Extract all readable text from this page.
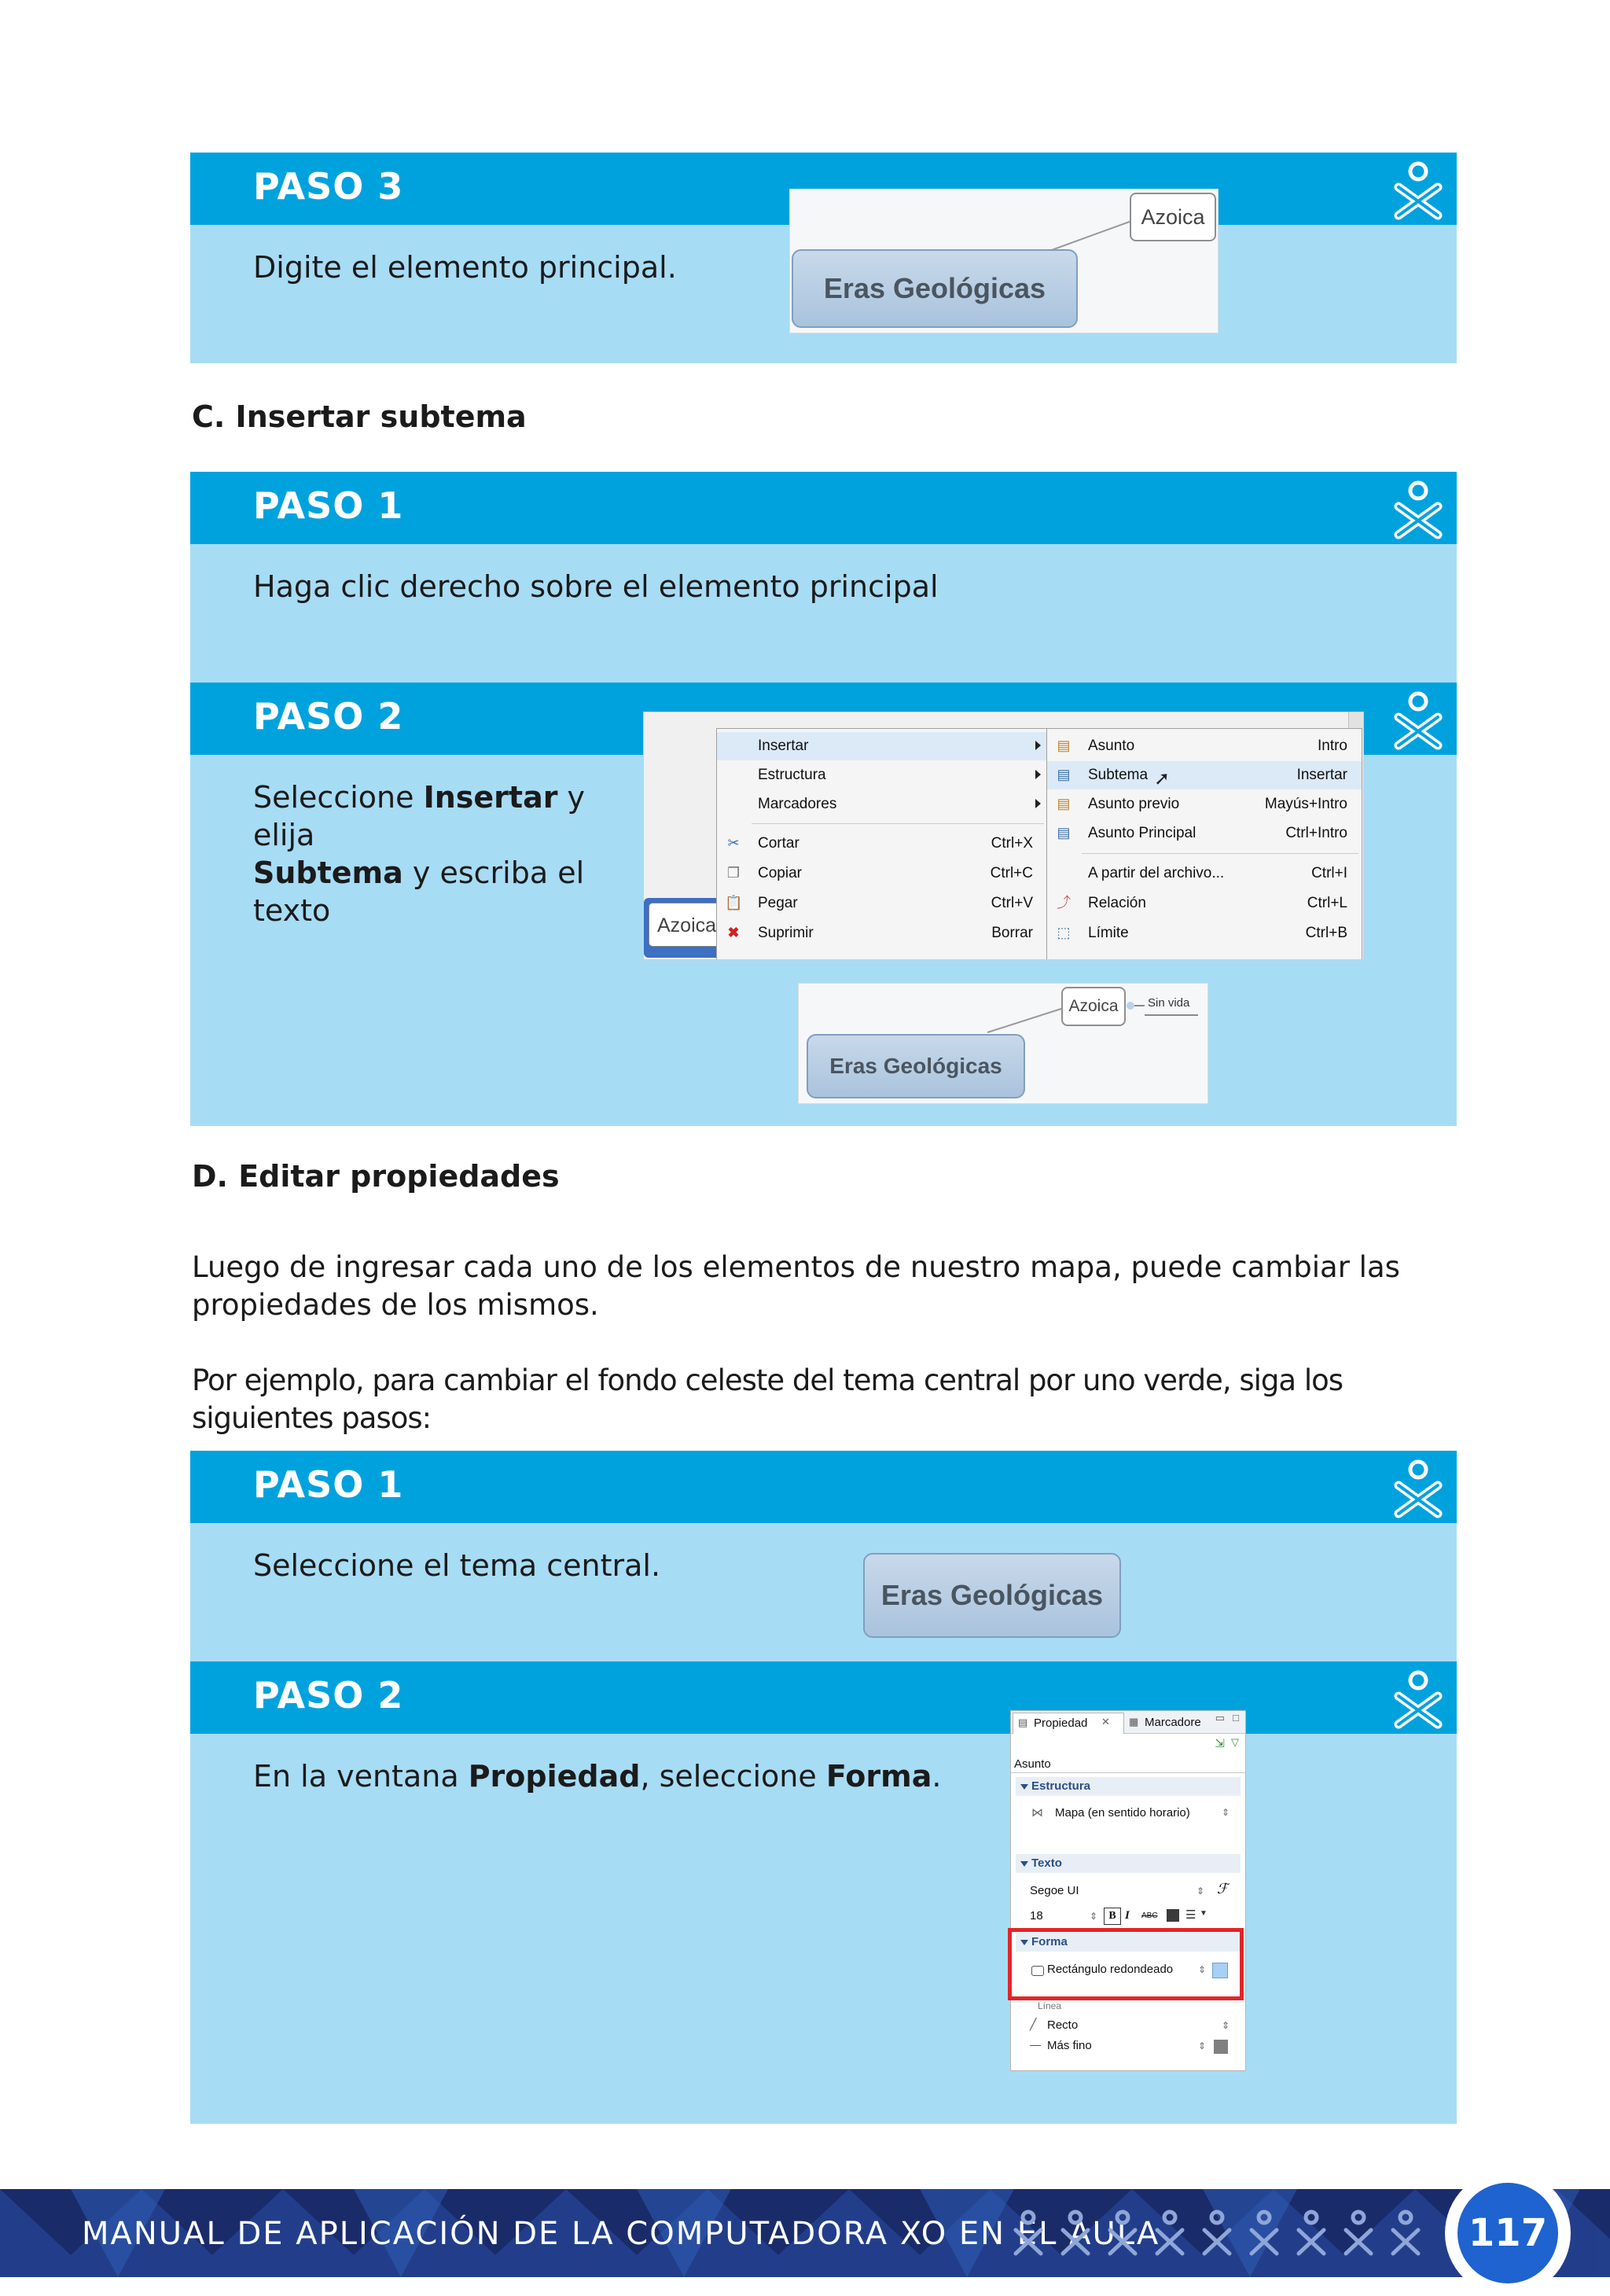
PASO 3
Digite el elemento principal.
Azoica
Eras Geológicas
C. Insertar subtema
PASO 1
Haga clic derecho sobre el elemento principal
PASO 2
Seleccione Insertar y elija
Subtema y escriba el texto	Azoica
Insertar
Estructura
Marcadores
✂ Cortar	Ctrl+X
❐ Copiar	Ctrl+C
📋 Pegar	Ctrl+V
✖ Suprimir	Borrar
▤ Asunto	Intro
▤ Subtema	Insertar
➚
▤ Asunto previo	Mayús+Intro
▤ Asunto Principal	Ctrl+Intro
A partir del archivo...	Ctrl+I
⤴ Relación	Ctrl+L
⬚ Límite	Ctrl+B
Azoica	Sin vida
Eras Geológicas
D. Editar propiedades
Luego de ingresar cada uno de los elementos de nuestro mapa, puede cambiar las propiedades de los mismos.
Por ejemplo, para cambiar el fondo celeste del tema central por uno verde, siga los siguientes pasos:
PASO 1
Seleccione el tema central.
Eras Geológicas
PASO 2
En la ventana Propiedad, seleccione Forma.
▤ Propiedad ✕ ▦ Marcadore ▭ □
⇲ ▽
Asunto
Estructura
⋈ Mapa (en sentido horario)	⇕
Texto
Segoe UI	⇕ ℱ
18	⇕	B I ABC ☰ ▼
Forma
Rectángulo redondeado	⇕
Línea
╱ Recto	⇕
Más fino	⇕
MANUAL DE APLICACIÓN DE LA COMPUTADORA XO EN EL AULA	117
